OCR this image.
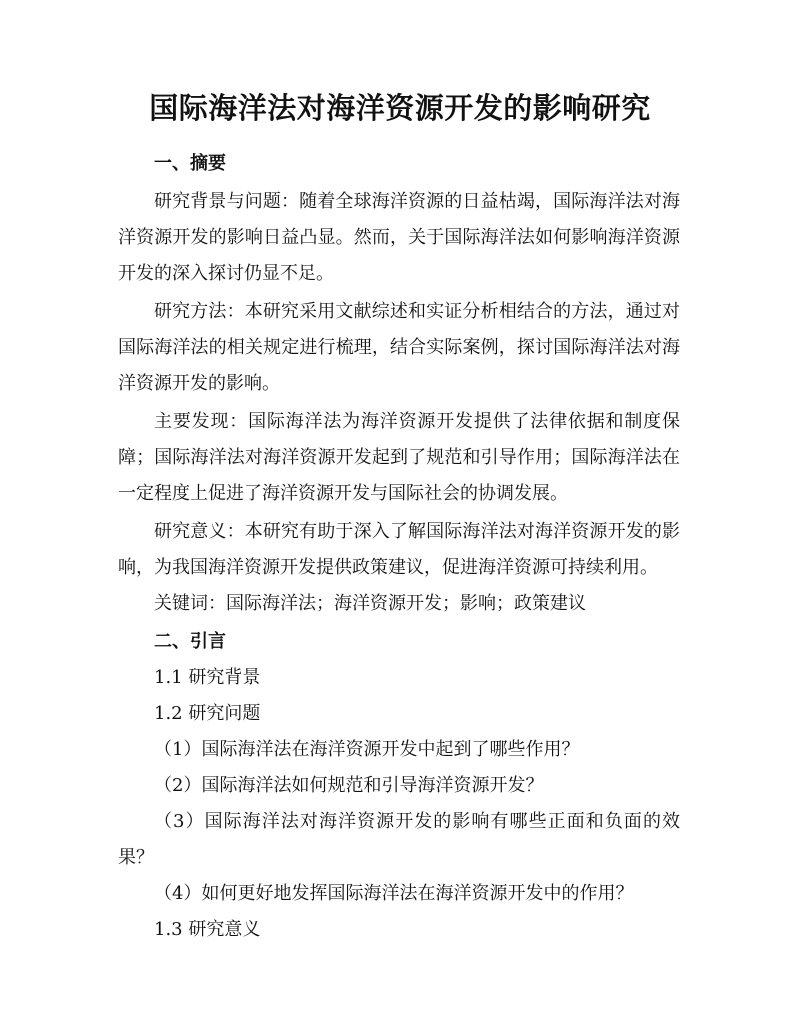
国际海洋法对海洋资源开发的影响研究

一、摘要

研究背景与问题：随着全球海洋资源的日益枯竭，国际海洋法对海洋资源开发的影响日益凸显。然而，关于国际海洋法如何影响海洋资源开发的深入探讨仍显不足。

研究方法：本研究采用文献综述和实证分析相结合的方法，通过对国际海洋法的相关规定进行梳理，结合实际案例，探讨国际海洋法对海洋资源开发的影响。

主要发现：国际海洋法为海洋资源开发提供了法律依据和制度保障；国际海洋法对海洋资源开发起到了规范和引导作用；国际海洋法在一定程度上促进了海洋资源开发与国际社会的协调发展。

研究意义：本研究有助于深入了解国际海洋法对海洋资源开发的影响，为我国海洋资源开发提供政策建议，促进海洋资源可持续利用。

关键词：国际海洋法；海洋资源开发；影响；政策建议

二、引言

1.1 研究背景

1.2 研究问题

（1）国际海洋法在海洋资源开发中起到了哪些作用？

（2）国际海洋法如何规范和引导海洋资源开发？

（3）国际海洋法对海洋资源开发的影响有哪些正面和负面的效果？

（4）如何更好地发挥国际海洋法在海洋资源开发中的作用？

1.3 研究意义
